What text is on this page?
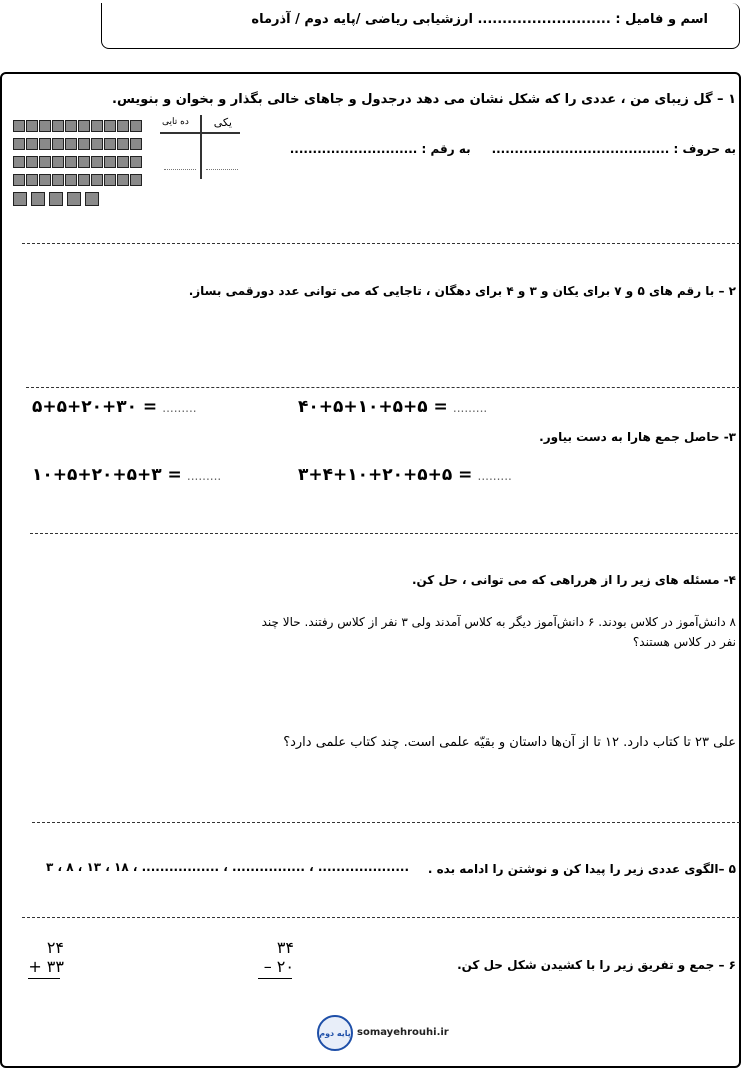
اسم و فامیل : ........................... ارزشیابی ریاضی /پایه دوم / آذرماه
۱ – گل زیبای من ، عددی را که شکل نشان می دهد درجدول و جاهای خالی بگذار و بخوان و بنویس.
یکی
ده تایی
به حروف : .......................................     به رقم : ............................
۲ – با رقم های ۵ و ۷ برای یکان و ۳ و ۴ برای دهگان ، تاجایی که می توانی عدد دورقمی بساز.
۵+۵+۲۰+۳۰ = .........	۴۰+۵+۱۰+۵+۵ = .........
۳- حاصل جمع هارا به دست بیاور.
۱۰+۵+۲۰+۵+۳ = .........	۳+۴+۱۰+۲۰+۵+۵ = .........
۴- مسئله های زیر را از هرراهی که می توانی ، حل کن.
۸ دانش‌آموز در کلاس بودند. ۶ دانش‌آموز دیگر به کلاس آمدند ولی ۳ نفر از کلاس رفتند. حالا چند
نفر در کلاس هستند؟
علی ۲۳ تا کتاب دارد. ۱۲ تا از آن‌ها داستان و بقیّه علمی است. چند کتاب علمی دارد؟
۵ –الگوی عددی زیر را پیدا کن و نوشتن را ادامه بده .
۳ ، ۸ ، ۱۳ ، ۱۸ ، ................. ، ................ ، ....................
۶ – جمع و تفریق زیر را با کشیدن شکل حل کن.
۳۴
– ۲۰
۲۴
+ ۳۳
پایه دوم somayehrouhi.ir
